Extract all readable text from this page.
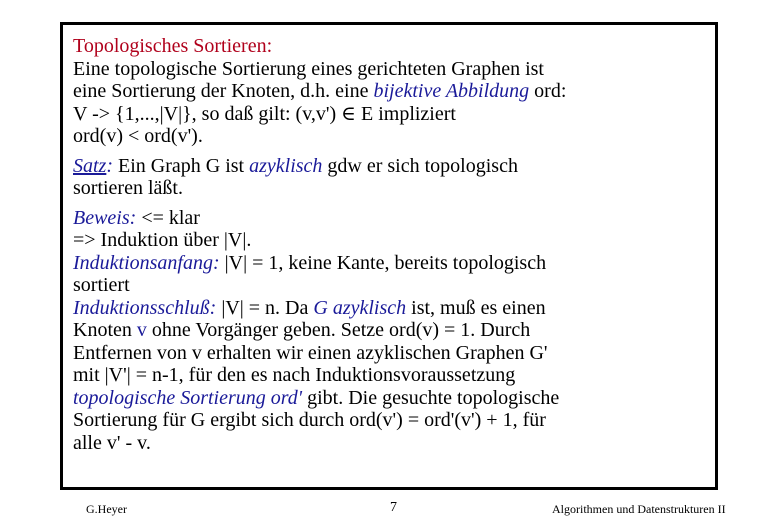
Topologisches Sortieren:
Eine topologische Sortierung eines gerichteten Graphen ist
eine Sortierung der Knoten, d.h. eine bijektive Abbildung ord:
V -> {1,...,|V|}, so daß gilt: (v,v') ∈ E impliziert
ord(v) < ord(v').
Satz: Ein Graph G ist azyklisch gdw er sich topologisch
sortieren läßt.
Beweis: <= klar
=> Induktion über |V|.
Induktionsanfang: |V| = 1, keine Kante, bereits topologisch
sortiert
Induktionsschluß: |V| = n. Da G azyklisch ist, muß es einen
Knoten v ohne Vorgänger geben. Setze ord(v) = 1. Durch
Entfernen von v erhalten wir einen azyklischen Graphen G'
mit |V'| = n-1, für den es nach Induktionsvoraussetzung
topologische Sortierung ord' gibt. Die gesuchte topologische
Sortierung für G ergibt sich durch ord(v') = ord'(v') + 1, für
alle v' - v.
G.Heyer	7	Algorithmen und Datenstrukturen II
